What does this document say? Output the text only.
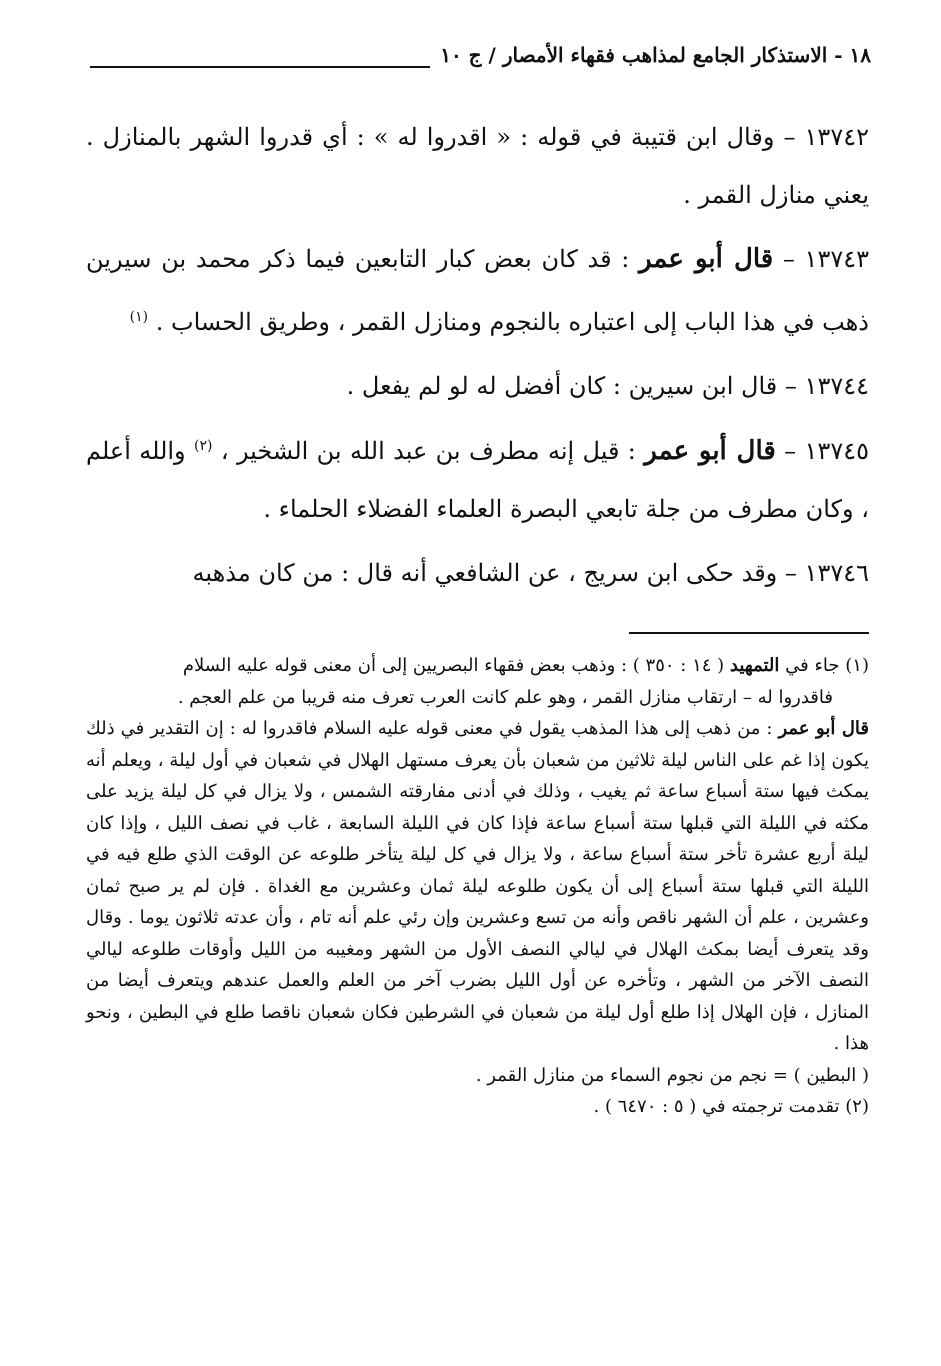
١٨ - الاستذكار الجامع لمذاهب فقهاء الأمصار / ج ١٠

١٣٧٤٢ – وقال ابن قتيبة في قوله : « اقدروا له » : أي قدروا الشهر بالمنازل . يعني منازل القمر .

١٣٧٤٣ – قال أبو عمر : قد كان بعض كبار التابعين فيما ذكر محمد بن سيرين ذهب في هذا الباب إلى اعتباره بالنجوم ومنازل القمر ، وطريق الحساب . $^{(١)}$

١٣٧٤٤ – قال ابن سيرين : كان أفضل له لو لم يفعل .

١٣٧٤٥ – قال أبو عمر : قيل إنه مطرف بن عبد الله بن الشخير ، $^{(٢)}$ والله أعلم ، وكان مطرف من جلة تابعي البصرة العلماء الفضلاء الحلماء .

١٣٧٤٦ – وقد حكى ابن سريج ، عن الشافعي أنه قال : من كان مذهبه

(١) جاء في التمهيد ( ١٤ : ٣٥٠ ) : وذهب بعض فقهاء البصريين إلى أن معنى قوله عليه السلام

فاقدروا له – ارتقاب منازل القمر ، وهو علم كانت العرب تعرف منه قريبا من علم العجم .

قال أبو عمر : من ذهب إلى هذا المذهب يقول في معنى قوله عليه السلام فاقدروا له : إن التقدير في ذلك يكون إذا غم على الناس ليلة ثلاثين من شعبان بأن يعرف مستهل الهلال في شعبان في أول ليلة ، ويعلم أنه يمكث فيها ستة أسباع ساعة ثم يغيب ، وذلك في أدنى مفارقته الشمس ، ولا يزال في كل ليلة يزيد على مكثه في الليلة التي قبلها ستة أسباع ساعة فإذا كان في الليلة السابعة ، غاب في نصف الليل ، وإذا كان ليلة أربع عشرة تأخر ستة أسباع ساعة ، ولا يزال في كل ليلة يتأخر طلوعه عن الوقت الذي طلع فيه في الليلة التي قبلها ستة أسباع إلى أن يكون طلوعه ليلة ثمان وعشرين مع الغداة . فإن لم ير صبح ثمان وعشرين ، علم أن الشهر ناقص وأنه من تسع وعشرين وإن رئي علم أنه تام ، وأن عدته ثلاثون يوما . وقال وقد يتعرف أيضا بمكث الهلال في ليالي النصف الأول من الشهر ومغيبه من الليل وأوقات طلوعه ليالي النصف الآخر من الشهر ، وتأخره عن أول الليل بضرب آخر من العلم والعمل عندهم ويتعرف أيضا من المنازل ، فإن الهلال إذا طلع أول ليلة من شعبان في الشرطين فكان شعبان ناقصا طلع في البطين ، ونحو هذا .

( البطين ) = نجم من نجوم السماء من منازل القمر .

(٢) تقدمت ترجمته في ( ٥ : ٦٤٧٠ ) .
